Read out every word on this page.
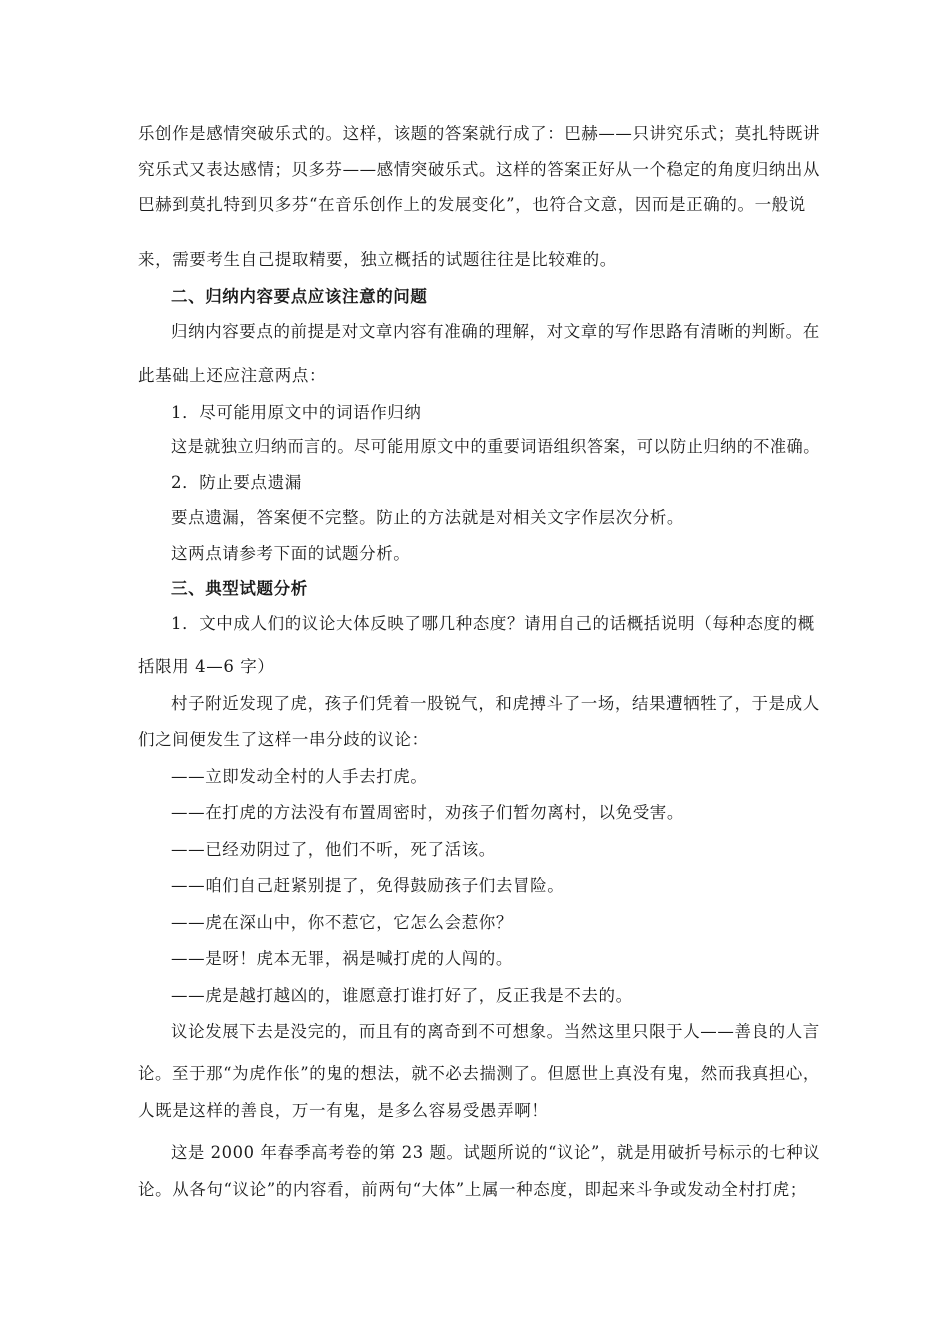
乐创作是感情突破乐式的。这样，该题的答案就行成了：巴赫——只讲究乐式；莫扎特既讲
究乐式又表达感情；贝多芬——感情突破乐式。这样的答案正好从一个稳定的角度归纳出从
巴赫到莫扎特到贝多芬“在音乐创作上的发展变化”，也符合文意，因而是正确的。一般说
来，需要考生自己提取精要，独立概括的试题往往是比较难的。
二、归纳内容要点应该注意的问题
归纳内容要点的前提是对文章内容有准确的理解，对文章的写作思路有清晰的判断。在
此基础上还应注意两点：
1．尽可能用原文中的词语作归纳
这是就独立归纳而言的。尽可能用原文中的重要词语组织答案，可以防止归纳的不准确。
2．防止要点遗漏
要点遗漏，答案便不完整。防止的方法就是对相关文字作层次分析。
这两点请参考下面的试题分析。
三、典型试题分析
1．文中成人们的议论大体反映了哪几种态度？请用自己的话概括说明（每种态度的概
括限用 4—6 字）
村子附近发现了虎，孩子们凭着一股锐气，和虎搏斗了一场，结果遭牺牲了，于是成人
们之间便发生了这样一串分歧的议论：
——立即发动全村的人手去打虎。
——在打虎的方法没有布置周密时，劝孩子们暂勿离村，以免受害。
——已经劝阴过了，他们不听，死了活该。
——咱们自己赶紧别提了，免得鼓励孩子们去冒险。
——虎在深山中，你不惹它，它怎么会惹你？
——是呀！虎本无罪，祸是喊打虎的人闯的。
——虎是越打越凶的，谁愿意打谁打好了，反正我是不去的。
议论发展下去是没完的，而且有的离奇到不可想象。当然这里只限于人——善良的人言
论。至于那“为虎作伥”的鬼的想法，就不必去揣测了。但愿世上真没有鬼，然而我真担心，
人既是这样的善良，万一有鬼，是多么容易受愚弄啊！
这是 2000 年春季高考卷的第 23 题。试题所说的“议论”，就是用破折号标示的七种议
论。从各句“议论”的内容看，前两句“大体”上属一种态度，即起来斗争或发动全村打虎；
